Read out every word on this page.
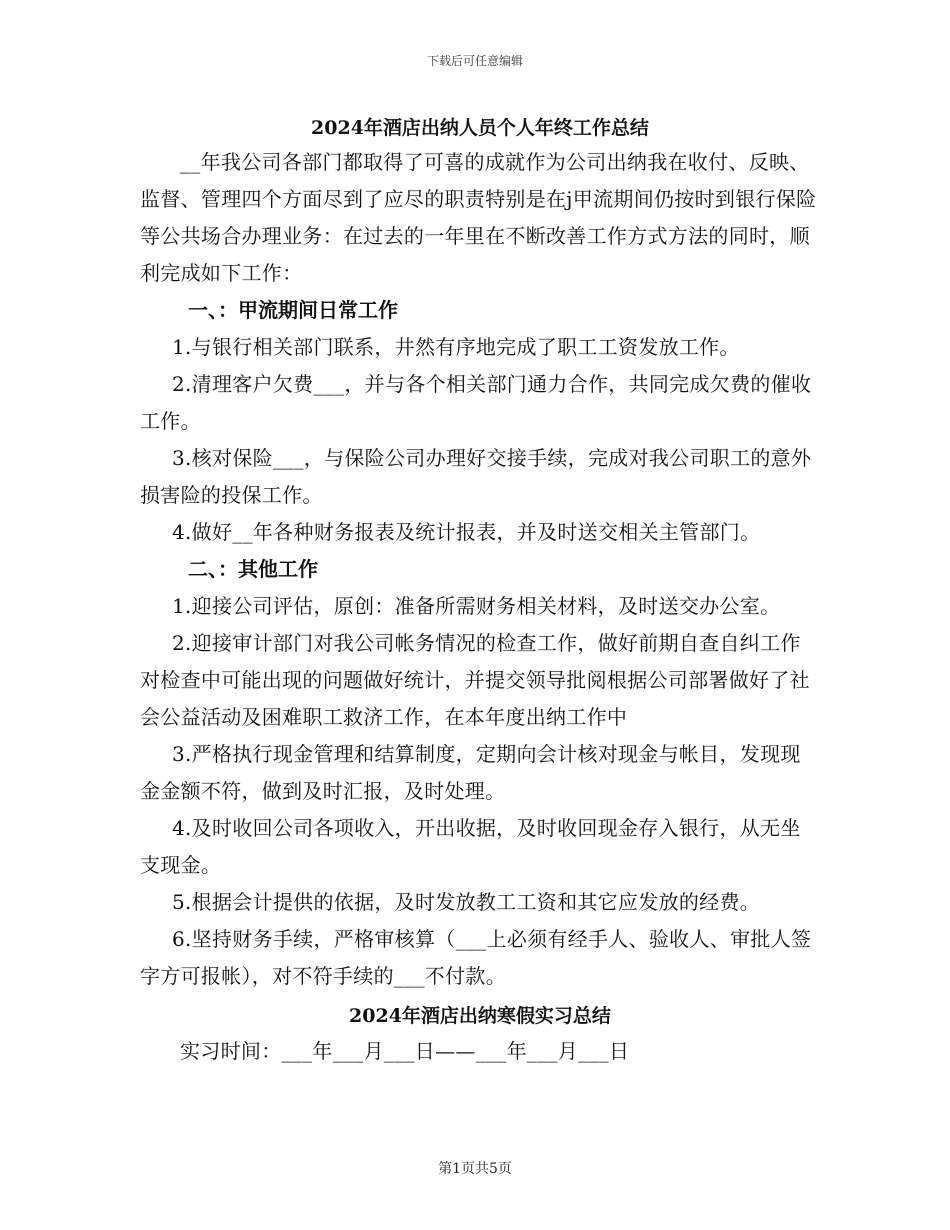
下载后可任意编辑

2024年酒店出纳人员个人年终工作总结

__年我公司各部门都取得了可喜的成就作为公司出纳我在收付、反映、监督、管理四个方面尽到了应尽的职责特别是在j甲流期间仍按时到银行保险等公共场合办理业务：在过去的一年里在不断改善工作方式方法的同时，顺利完成如下工作：

一、：甲流期间日常工作

1.与银行相关部门联系，井然有序地完成了职工工资发放工作。

2.清理客户欠费___，并与各个相关部门通力合作，共同完成欠费的催收工作。

3.核对保险___，与保险公司办理好交接手续，完成对我公司职工的意外损害险的投保工作。

4.做好__年各种财务报表及统计报表，并及时送交相关主管部门。

二、：其他工作

1.迎接公司评估，原创：准备所需财务相关材料，及时送交办公室。

2.迎接审计部门对我公司帐务情况的检查工作，做好前期自查自纠工作对检查中可能出现的问题做好统计，并提交领导批阅根据公司部署做好了社会公益活动及困难职工救济工作，在本年度出纳工作中

3.严格执行现金管理和结算制度，定期向会计核对现金与帐目，发现现金金额不符，做到及时汇报，及时处理。

4.及时收回公司各项收入，开出收据，及时收回现金存入银行，从无坐支现金。

5.根据会计提供的依据，及时发放教工工资和其它应发放的经费。

6.坚持财务手续，严格审核算（___上必须有经手人、验收人、审批人签字方可报帐），对不符手续的___不付款。

2024年酒店出纳寒假实习总结

实习时间：___年___月___日——___年___月___日

第1页共5页
